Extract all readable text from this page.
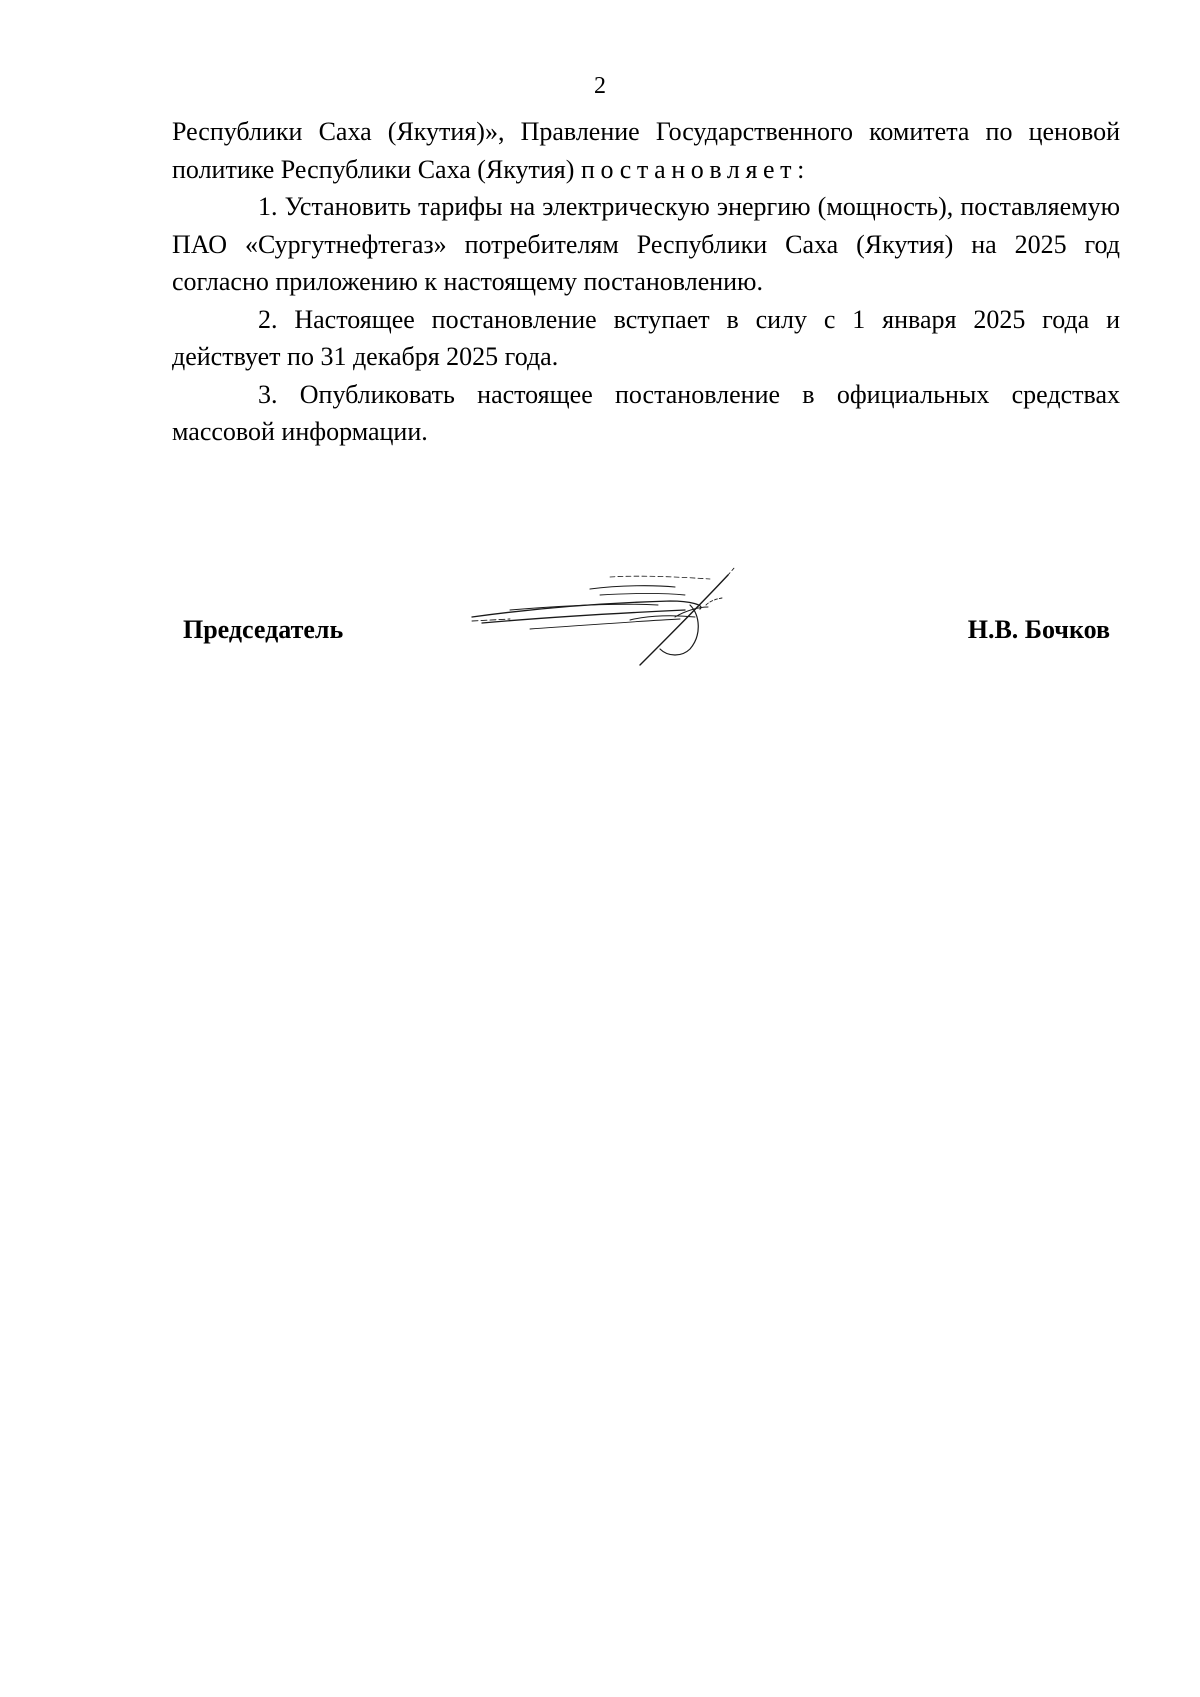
2

Республики Саха (Якутия)», Правление Государственного комитета по ценовой политике Республики Саха (Якутия) постановляет:

1. Установить тарифы на электрическую энергию (мощность), поставляемую ПАО «Сургутнефтегаз» потребителям Республики Саха (Якутия) на 2025 год согласно приложению к настоящему постановлению.

2. Настоящее постановление вступает в силу с 1 января 2025 года и действует по 31 декабря 2025 года.

3. Опубликовать настоящее постановление в официальных средствах массовой информации.

Председатель	Н.В. Бочков
